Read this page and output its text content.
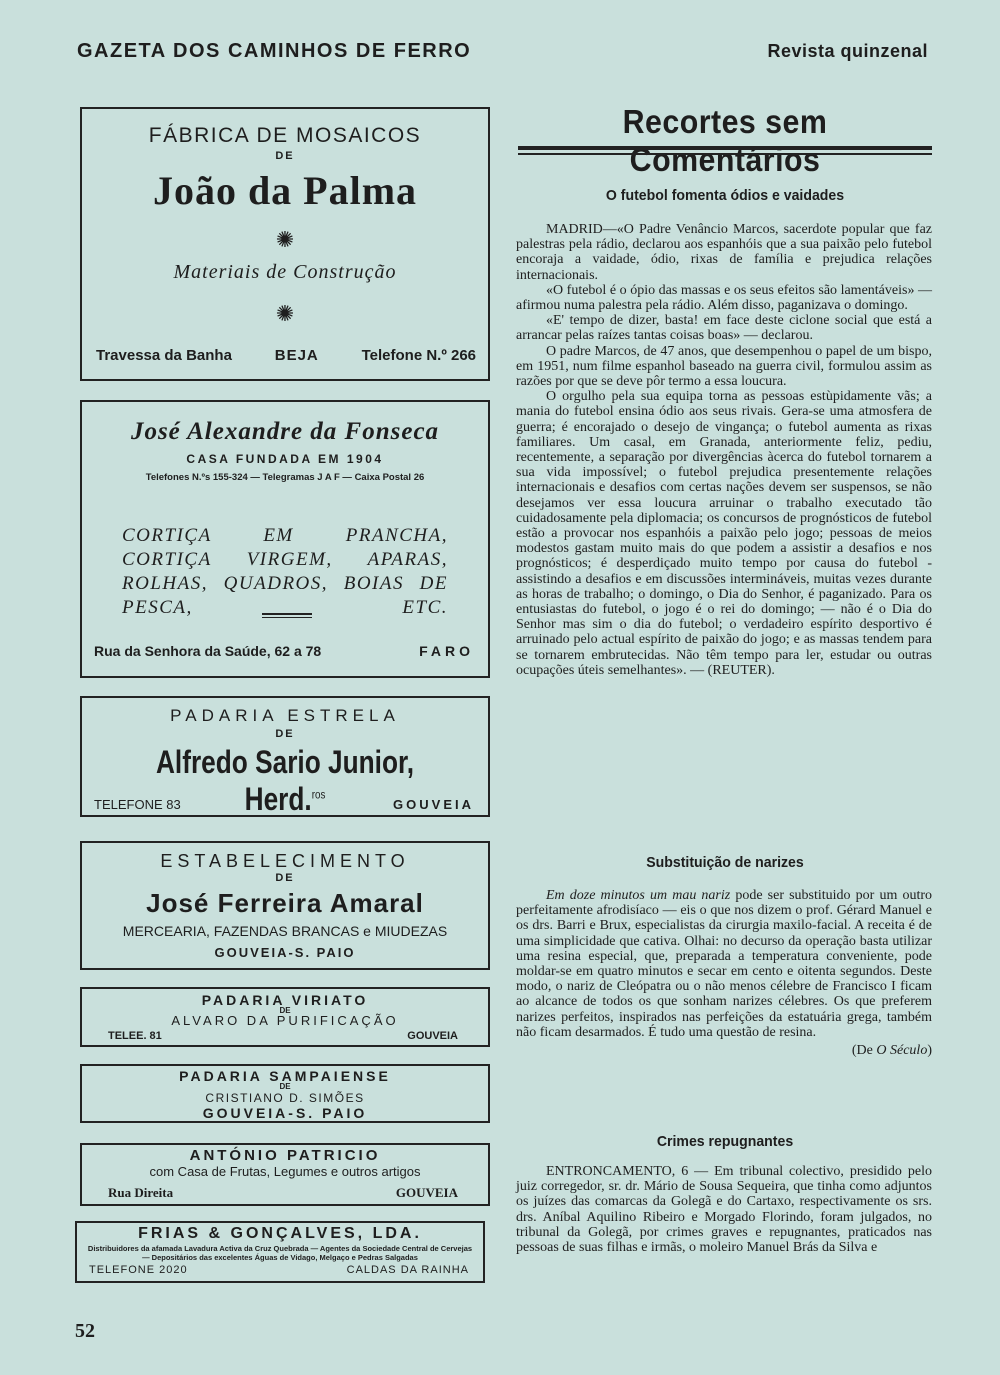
GAZETA DOS CAMINHOS DE FERRO	Revista quinzenal
FÁBRICA DE MOSAICOS
DE
João da Palma
✺
Materiais de Construção
✺
Travessa da Banha	BEJA	Telefone N.º 266
José Alexandre da Fonseca
CASA FUNDADA EM 1904
Telefones N.ºs 155-324 — Telegramas J A F — Caixa Postal 26
CORTIÇA EM PRANCHA, CORTIÇA VIRGEM, APARAS, ROLHAS, QUADROS, BOIAS DE PESCA, ETC.
Rua da Senhora da Saúde, 62 a 78	FARO
PADARIA ESTRELA
DE
Alfredo Sario Junior, Herd.$^{ros}$
TELEFONE 83	GOUVEIA
ESTABELECIMENTO
DE
José Ferreira Amaral
MERCEARIA, FAZENDAS BRANCAS e MIUDEZAS
GOUVEIA-S. PAIO
PADARIA VIRIATO
DE
ALVARO DA PURIFICAÇÃO
TELEE. 81	GOUVEIA
PADARIA SAMPAIENSE
DE
CRISTIANO D. SIMÕES
GOUVEIA-S. PAIO
ANTÓNIO PATRICIO
com Casa de Frutas, Legumes e outros artigos
Rua Direita	GOUVEIA
FRIAS & GONÇALVES, LDA.
Distribuidores da afamada Lavadura Activa da Cruz Quebrada — Agentes da Sociedade Central de Cervejas — Depositários das excelentes Águas de Vidago, Melgaço e Pedras Salgadas
TELEFONE 2020	CALDAS DA RAINHA
52
Recortes sem Comentários
O futebol fomenta ódios e vaidades

MADRID—«O Padre Venâncio Marcos, sacerdote popular que faz palestras pela rádio, declarou aos espanhóis que a sua paixão pelo futebol encoraja a vaidade, ódio, rixas de família e prejudica relações internacionais.

«O futebol é o ópio das massas e os seus efeitos são lamentáveis» — afirmou numa palestra pela rádio. Além disso, paganizava o domingo.

«E' tempo de dizer, basta! em face deste ciclone social que está a arrancar pelas raízes tantas coisas boas» — declarou.

O padre Marcos, de 47 anos, que desempenhou o papel de um bispo, em 1951, num filme espanhol baseado na guerra civil, formulou assim as razões por que se deve pôr termo a essa loucura.

O orgulho pela sua equipa torna as pessoas estùpidamente vãs; a mania do futebol ensina ódio aos seus rivais. Gera-se uma atmosfera de guerra; é encorajado o desejo de vingança; o futebol aumenta as rixas familiares. Um casal, em Granada, anteriormente feliz, pediu, recentemente, a separação por divergências àcerca do futebol tornarem a sua vida impossível; o futebol prejudica presentemente relações internacionais e desafios com certas nações devem ser suspensos, se não desejamos ver essa loucura arruinar o trabalho executado tão cuidadosamente pela diplomacia; os concursos de prognósticos de futebol estão a provocar nos espanhóis a paixão pelo jogo; pessoas de meios modestos gastam muito mais do que podem a assistir a desafios e nos prognósticos; é desperdiçado muito tempo por causa do futebol - assistindo a desafios e em discussões intermináveis, muitas vezes durante as horas de trabalho; o domingo, o Dia do Senhor, é paganizado. Para os entusiastas do futebol, o jogo é o rei do domingo; — não é o Dia do Senhor mas sim o dia do futebol; o verdadeiro espírito desportivo é arruinado pelo actual espírito de paixão do jogo; e as massas tendem para se tornarem embrutecidas. Não têm tempo para ler, estudar ou outras ocupações úteis semelhantes». — (REUTER).

Substituição de narizes

Em doze minutos um mau nariz pode ser substituido por um outro perfeitamente afrodisíaco — eis o que nos dizem o prof. Gérard Manuel e os drs. Barri e Brux, especialistas da cirurgia maxilo-facial. A receita é de uma simplicidade que cativa. Olhai: no decurso da operação basta utilizar uma resina especial, que, preparada a temperatura conveniente, pode moldar-se em quatro minutos e secar em cento e oitenta segundos. Deste modo, o nariz de Cleópatra ou o não menos célebre de Francisco I ficam ao alcance de todos os que sonham narizes célebres. Os que preferem narizes perfeitos, inspirados nas perfeições da estatuária grega, também não ficam desarmados. É tudo uma questão de resina.

(De O Século)
Crimes repugnantes

ENTRONCAMENTO, 6 — Em tribunal colectivo, presidido pelo juiz corregedor, sr. dr. Mário de Sousa Sequeira, que tinha como adjuntos os juízes das comarcas da Golegã e do Cartaxo, respectivamente os srs. drs. Aníbal Aquilino Ribeiro e Morgado Florindo, foram julgados, no tribunal da Golegã, por crimes graves e repugnantes, praticados nas pessoas de suas filhas e irmãs, o moleiro Manuel Brás da Silva e
